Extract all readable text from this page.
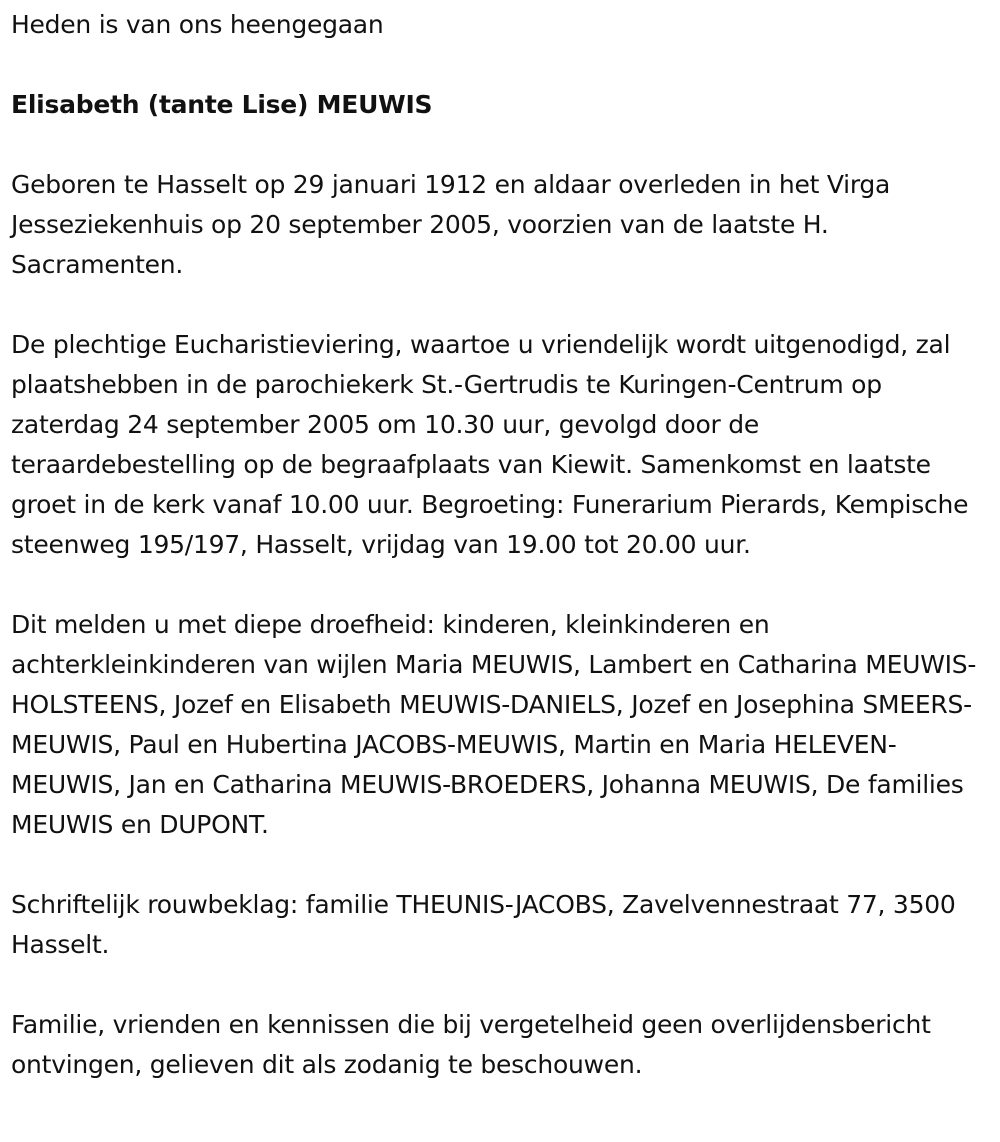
Heden is van ons heengegaan

Elisabeth (tante Lise) MEUWIS

Geboren te Hasselt op 29 januari 1912 en aldaar overleden in het Virga Jesseziekenhuis op 20 september 2005, voorzien van de laatste H. Sacramenten.

De plechtige Eucharistieviering, waartoe u vriendelijk wordt uitgenodigd, zal plaatshebben in de parochiekerk St.-Gertrudis te Kuringen-Centrum op zaterdag 24 september 2005 om 10.30 uur, gevolgd door de teraardebestelling op de begraafplaats van Kiewit. Samenkomst en laatste groet in de kerk vanaf 10.00 uur. Begroeting: Funerarium Pierards, Kempische steenweg 195/197, Hasselt, vrijdag van 19.00 tot 20.00 uur.

Dit melden u met diepe droefheid: kinderen, kleinkinderen en achterkleinkinderen van wijlen Maria MEUWIS, Lambert en Catharina MEUWIS-HOLSTEENS, Jozef en Elisabeth MEUWIS-DANIELS, Jozef en Josephina SMEERS-MEUWIS, Paul en Hubertina JACOBS-MEUWIS, Martin en Maria HELEVEN-MEUWIS, Jan en Catharina MEUWIS-BROEDERS, Johanna MEUWIS, De families MEUWIS en DUPONT.

Schriftelijk rouwbeklag: familie THEUNIS-JACOBS, Zavelvennestraat 77, 3500 Hasselt.

Familie, vrienden en kennissen die bij vergetelheid geen overlijdensbericht ontvingen, gelieven dit als zodanig te beschouwen.
